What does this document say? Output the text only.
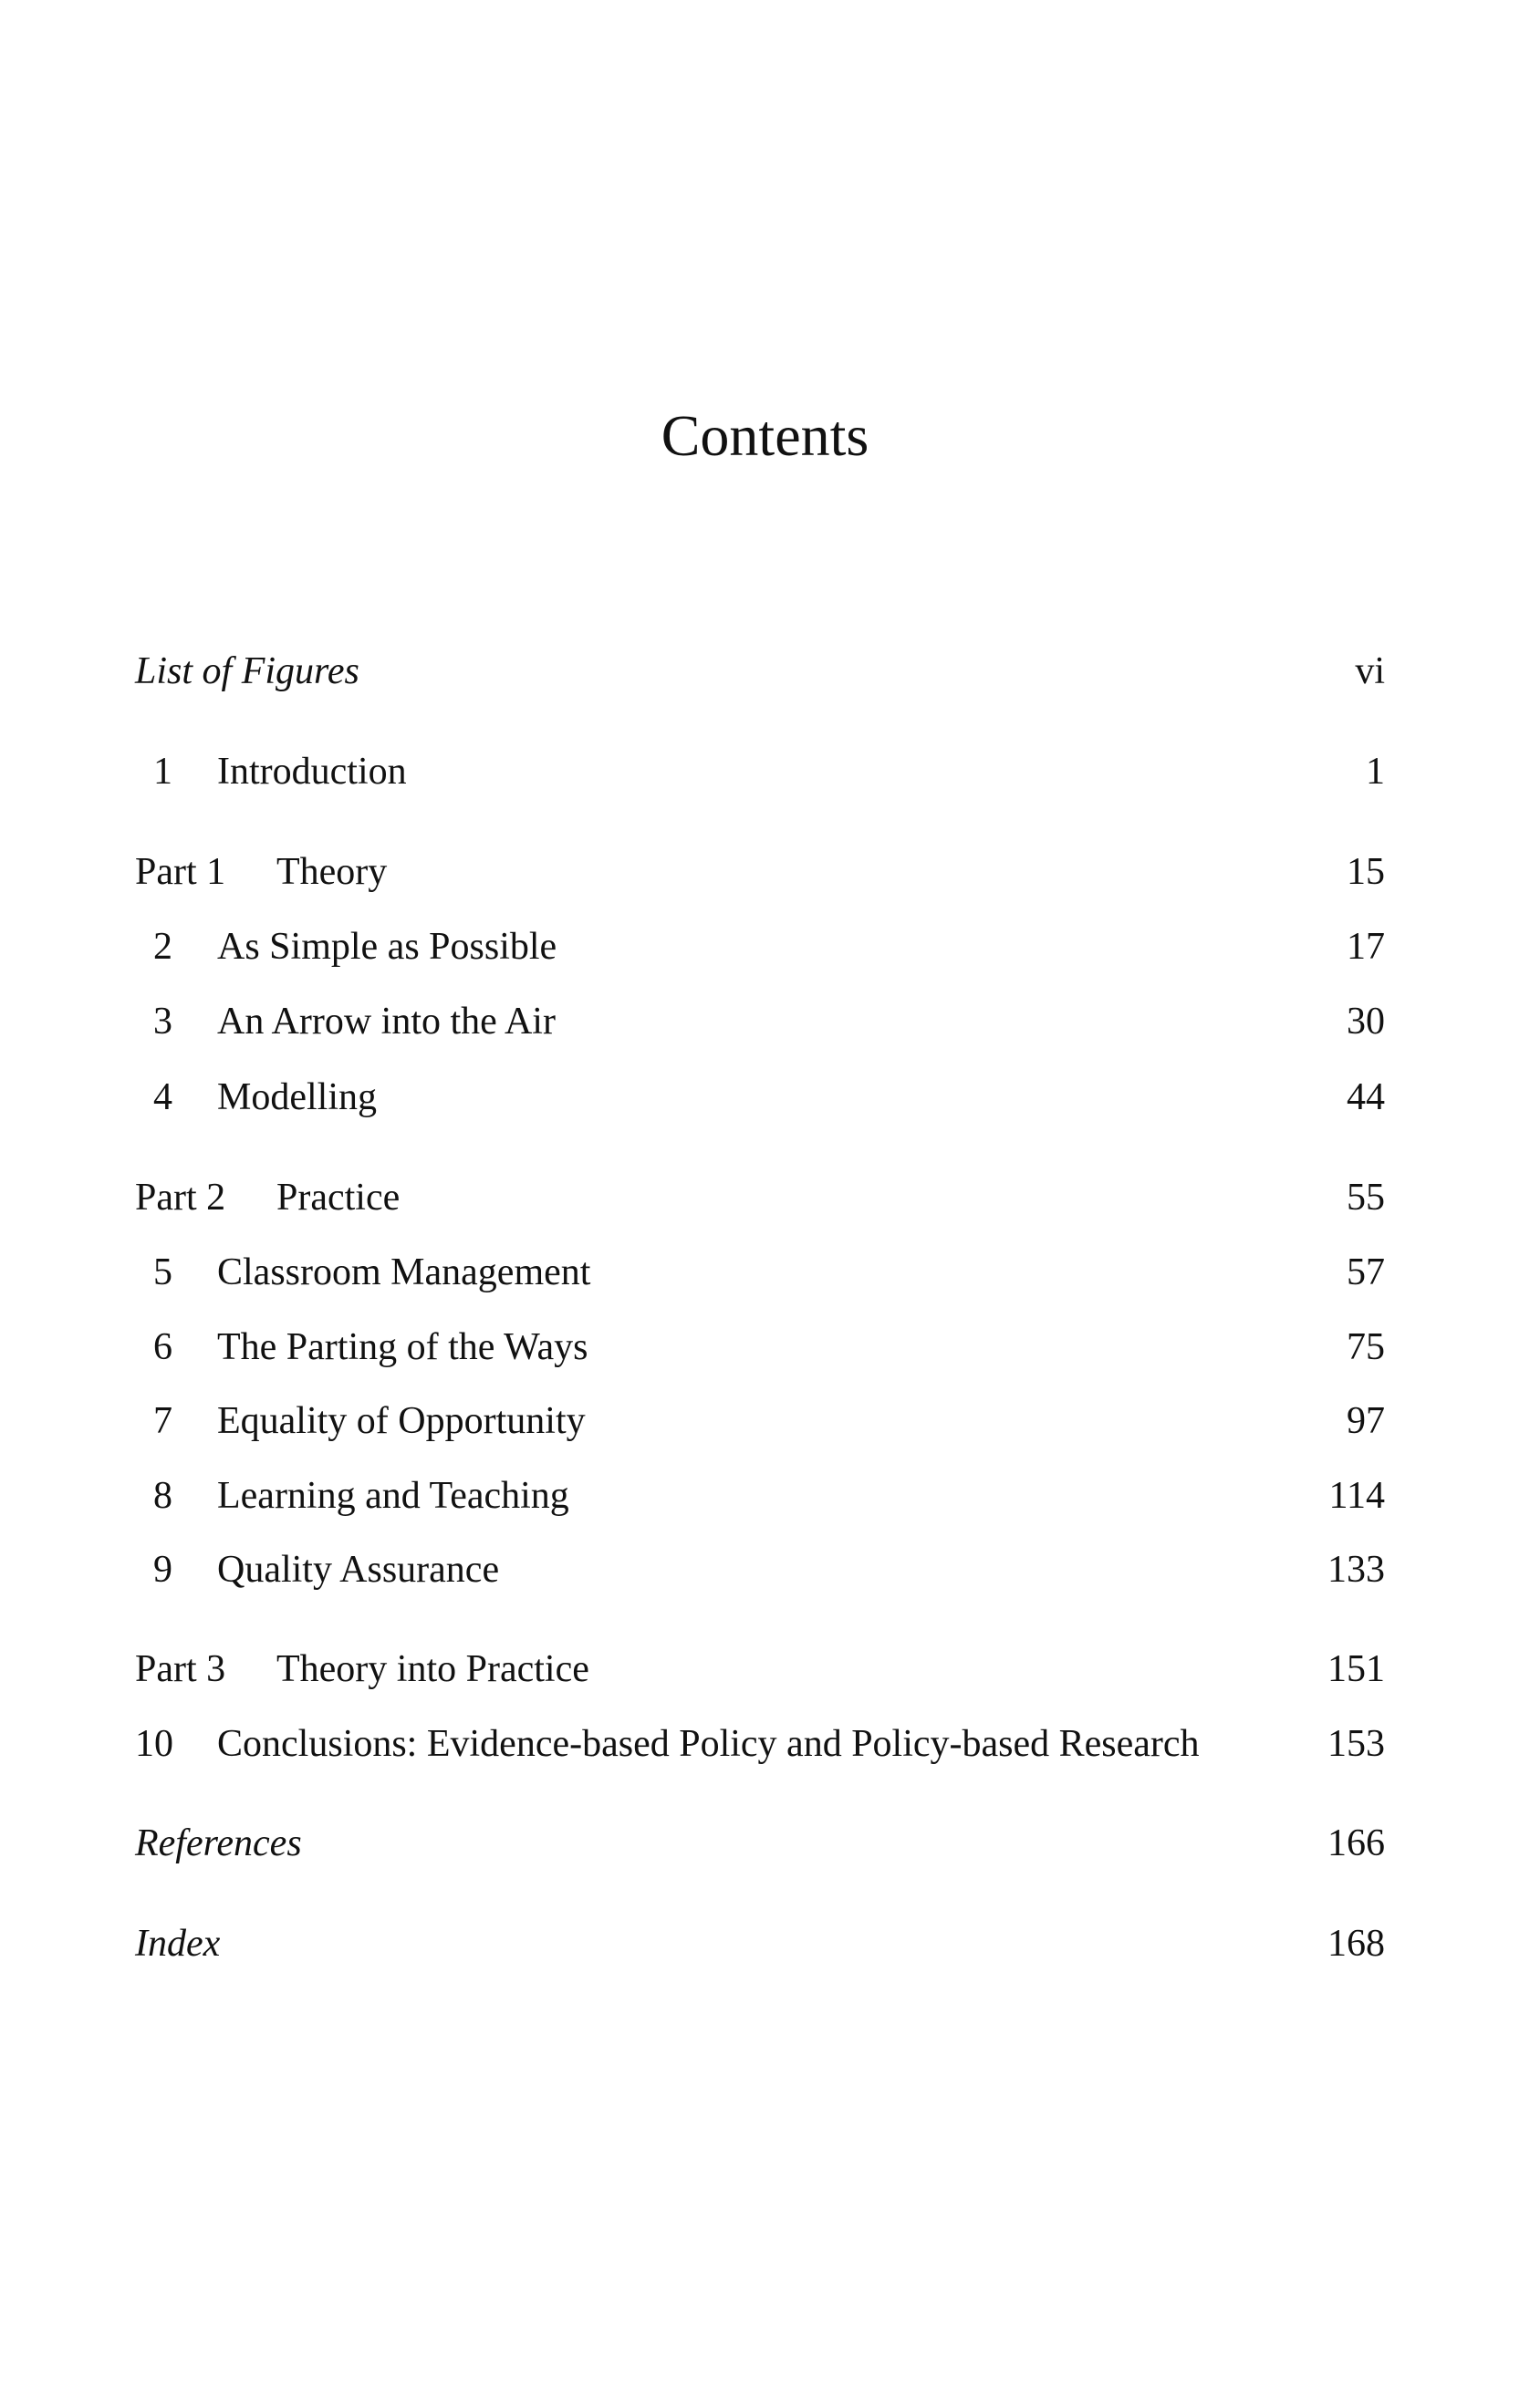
Contents
List of Figures	vi
1 Introduction	1
Part 1 Theory	15
2 As Simple as Possible	17
3 An Arrow into the Air	30
4 Modelling	44
Part 2 Practice	55
5 Classroom Management	57
6 The Parting of the Ways	75
7 Equality of Opportunity	97
8 Learning and Teaching	114
9 Quality Assurance	133
Part 3 Theory into Practice	151
10 Conclusions: Evidence-based Policy and Policy-based Research	153
References	166
Index	168
